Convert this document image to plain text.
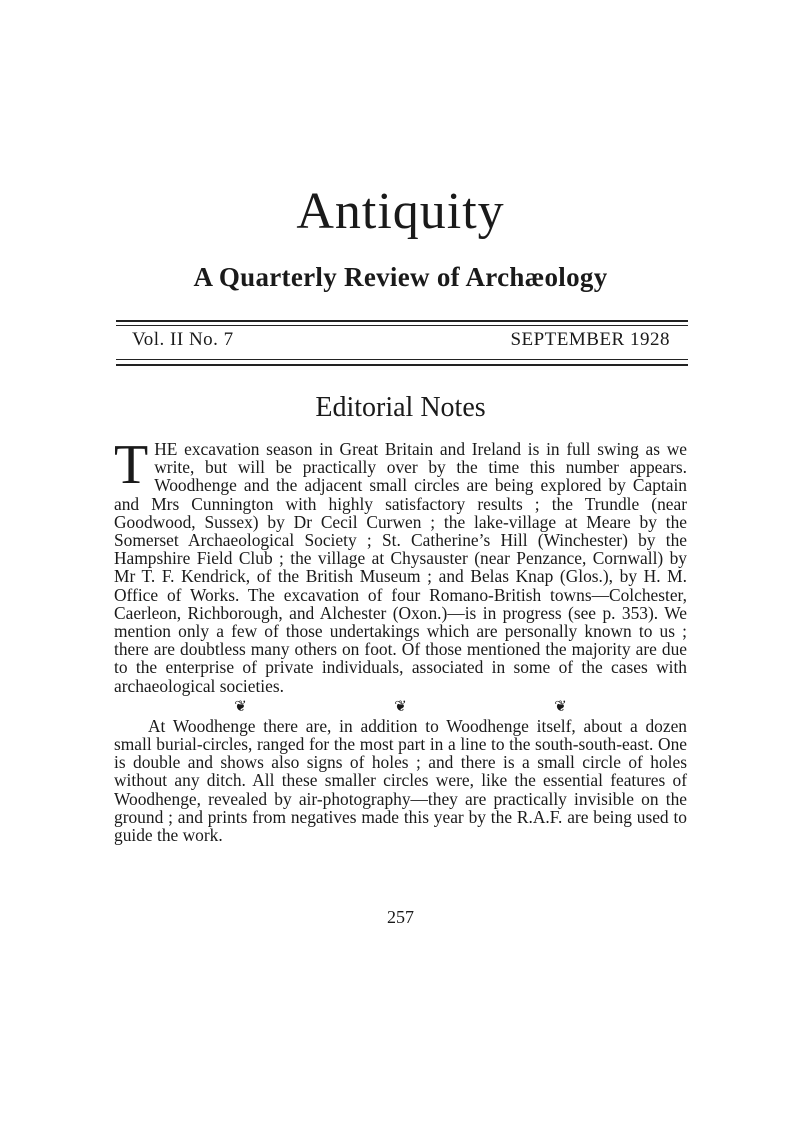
Antiquity
A Quarterly Review of Archæology
Vol. II No. 7	SEPTEMBER 1928
Editorial Notes

THE excavation season in Great Britain and Ireland is in full swing as we write, but will be practically over by the time this number appears. Woodhenge and the adjacent small circles are being explored by Captain and Mrs Cunnington with highly satisfactory results ; the Trundle (near Goodwood, Sussex) by Dr Cecil Curwen ; the lake-village at Meare by the Somerset Archaeological Society ; St. Catherine’s Hill (Winchester) by the Hampshire Field Club ; the village at Chysauster (near Penzance, Cornwall) by Mr T. F. Kendrick, of the British Museum ; and Belas Knap (Glos.), by H. M. Office of Works. The excavation of four Romano-British towns—Colchester, Caerleon, Richborough, and Alchester (Oxon.)—is in progress (see p. 353). We mention only a few of those undertakings which are personally known to us ; there are doubtless many others on foot. Of those mentioned the majority are due to the enterprise of private individuals, associated in some of the cases with archaeological societies.

❦	❦	❦

At Woodhenge there are, in addition to Woodhenge itself, about a dozen small burial-circles, ranged for the most part in a line to the south-south-east. One is double and shows also signs of holes ; and there is a small circle of holes without any ditch. All these smaller circles were, like the essential features of Woodhenge, revealed by air-photography—they are practically invisible on the ground ; and prints from negatives made this year by the R.A.F. are being used to guide the work.

257
